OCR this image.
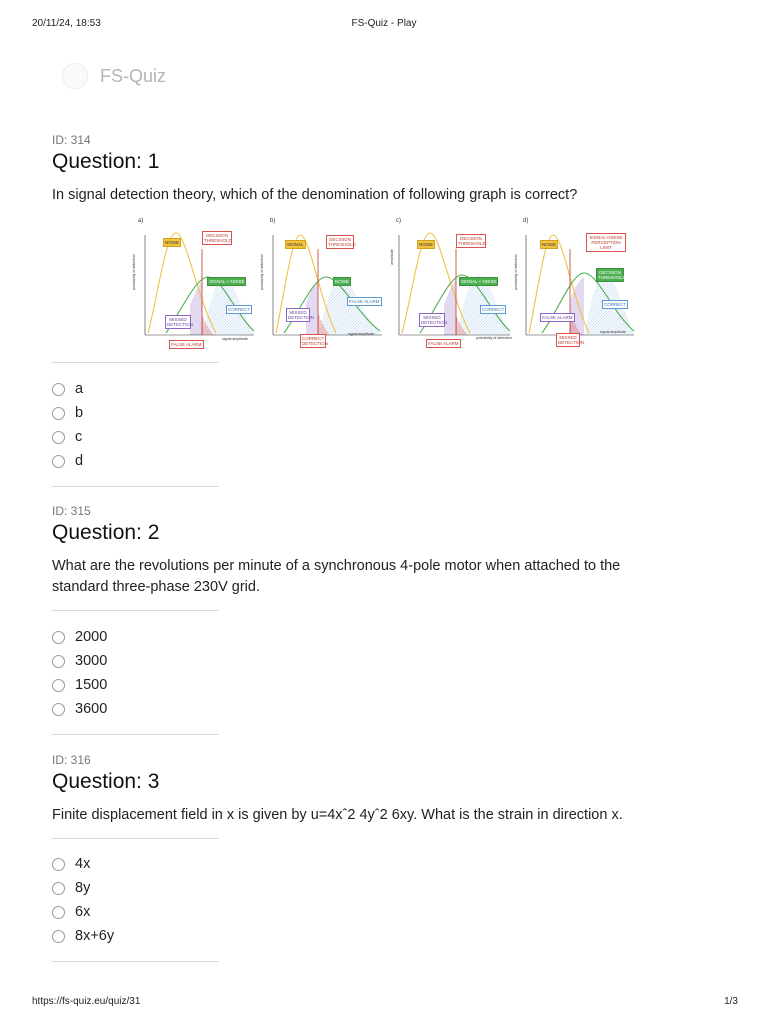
20/11/24, 18:53	FS-Quiz - Play
FS-Quiz
ID: 314
Question: 1

In signal detection theory, which of the denomination of following graph is correct?

a)
NOISE
DECISION THRESHOLD
SIGNAL + NOISE
CORRECT
MISSED DETECTION
FALSE ALARM
signal amplitude
probability of detection
b)
SIGNAL
DECISION THRESHOLD
NOISE
FALSE ALARM
MISSED DETECTION
CORRECT DETECTION
signal amplitude
probability of detection
c)
NOISE
DECISION THRESHOLD
SIGNAL + NOISE
CORRECT
MISSED DETECTION
FALSE ALARM
probability of detection
amplitude
d)
NOISE
SIGNAL+NOISE PERCEPTION LIMIT
DECISION THRESHOLD
CORRECT
FALSE ALARM
MISSED DETECTION
signal amplitude
probability of detection
a
b
c
d
ID: 315
Question: 2

What are the revolutions per minute of a synchronous 4-pole motor when attached to the

standard three-phase 230V grid.

2000
3000
1500
3600
ID: 316
Question: 3

Finite displacement field in x is given by u=4xˆ2 4yˆ2 6xy. What is the strain in direction x.

4x
8y
6x
8x+6y
https://fs-quiz.eu/quiz/31	1/3
